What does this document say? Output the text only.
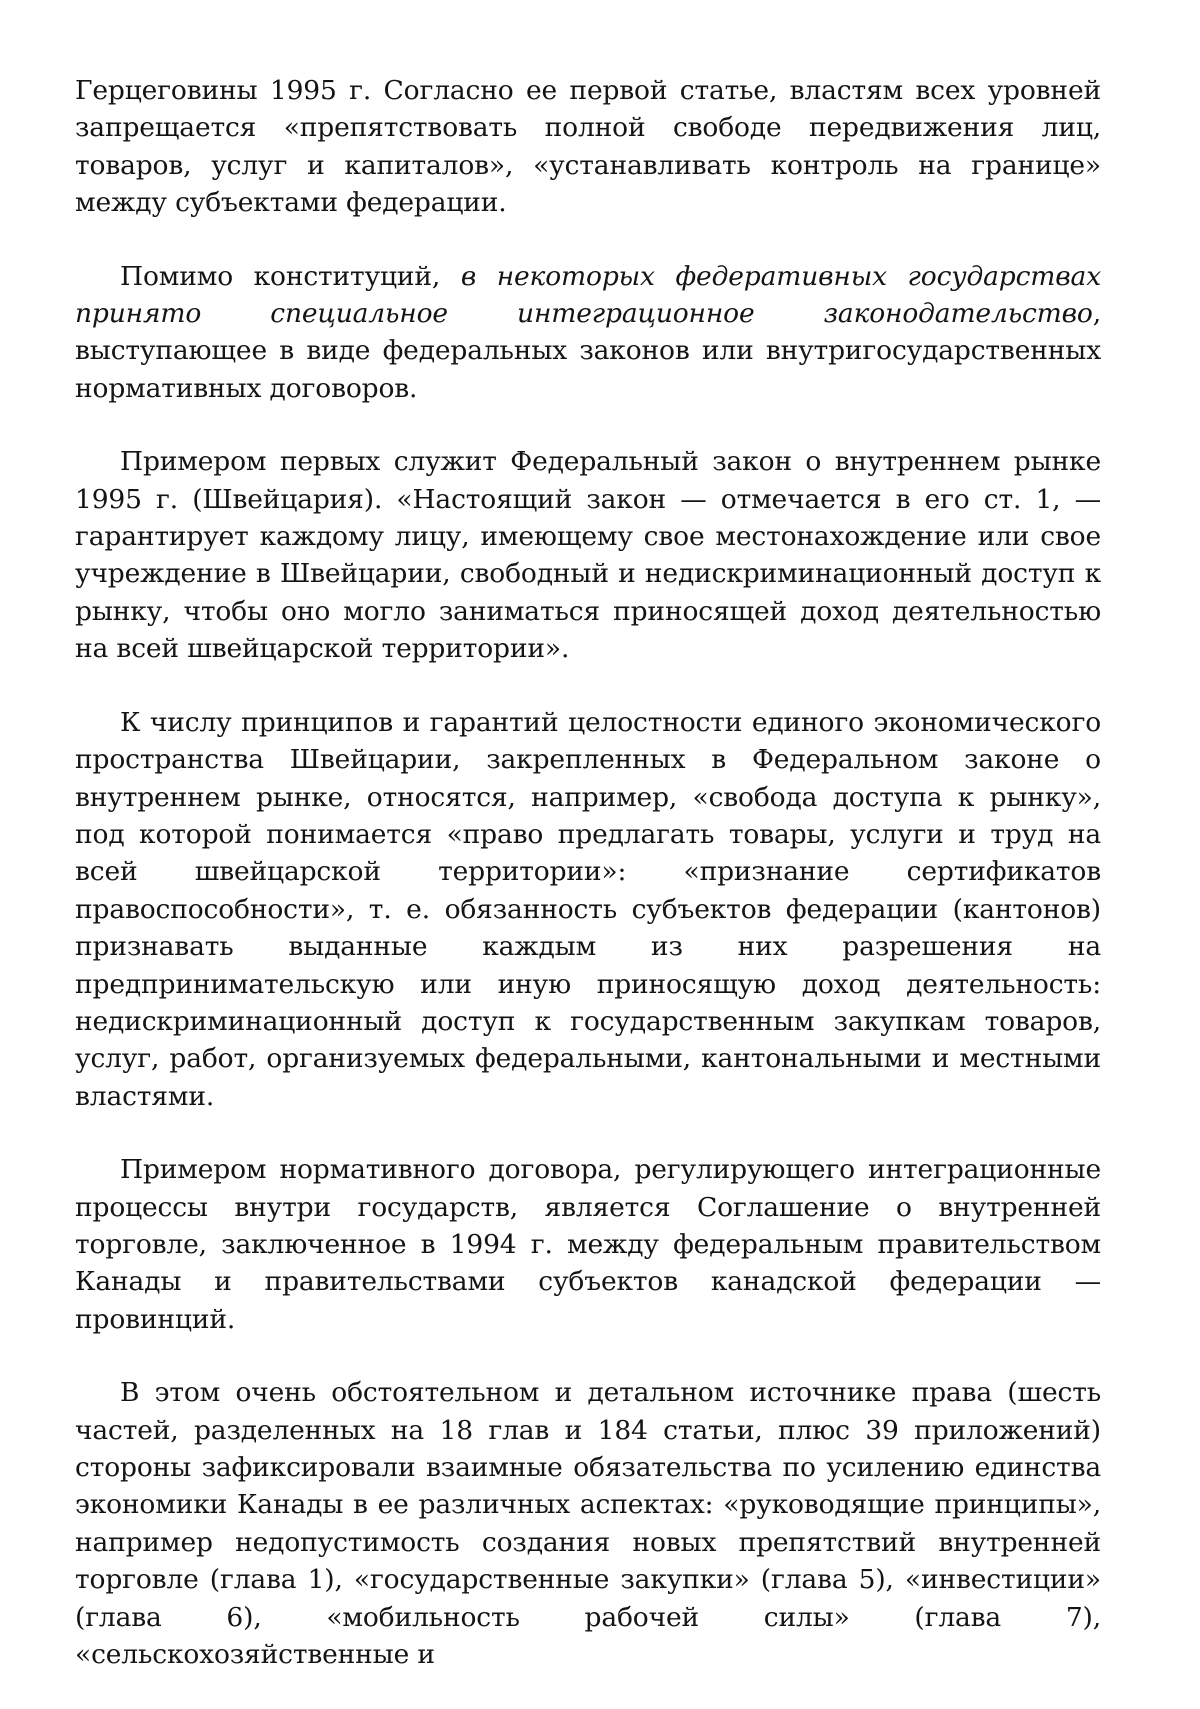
Герцеговины 1995 г. Согласно ее первой статье, властям всех уровней запрещается «препятствовать полной свободе передвижения лиц, товаров, услуг и капиталов», «устанавливать контроль на границе» между субъектами федерации.

Помимо конституций, в некоторых федеративных государствах принято специальное интеграционное законодательство, выступающее в виде федеральных законов или внутригосударственных нормативных договоров.

Примером первых служит Федеральный закон о внутреннем рынке 1995 г. (Швейцария). «Настоящий закон — отмечается в его ст. 1, — гарантирует каждому лицу, имеющему свое местонахождение или свое учреждение в Швейцарии, свободный и недискриминационный доступ к рынку, чтобы оно могло заниматься приносящей доход деятельностью на всей швейцарской территории».

К числу принципов и гарантий целостности единого экономического пространства Швейцарии, закрепленных в Федеральном законе о внутреннем рынке, относятся, например, «свобода доступа к рынку», под которой понимается «право предлагать товары, услуги и труд на всей швейцарской территории»: «признание сертификатов правоспособности», т. е. обязанность субъектов федерации (кантонов) признавать выданные каждым из них разрешения на предпринимательскую или иную приносящую доход деятельность: недискриминационный доступ к государственным закупкам товаров, услуг, работ, организуемых федеральными, кантональными и местными властями.

Примером нормативного договора, регулирующего интеграционные процессы внутри государств, является Соглашение о внутренней торговле, заключенное в 1994 г. между федеральным правительством Канады и правительствами субъектов канадской федерации — провинций.

В этом очень обстоятельном и детальном источнике права (шесть частей, разделенных на 18 глав и 184 статьи, плюс 39 приложений) стороны зафиксировали взаимные обязательства по усилению единства экономики Канады в ее различных аспектах: «руководящие принципы», например недопустимость создания новых препятствий внутренней торговле (глава 1), «государственные закупки» (глава 5), «инвестиции» (глава 6), «мобильность рабочей силы» (глава 7), «сельскохозяйственные и
